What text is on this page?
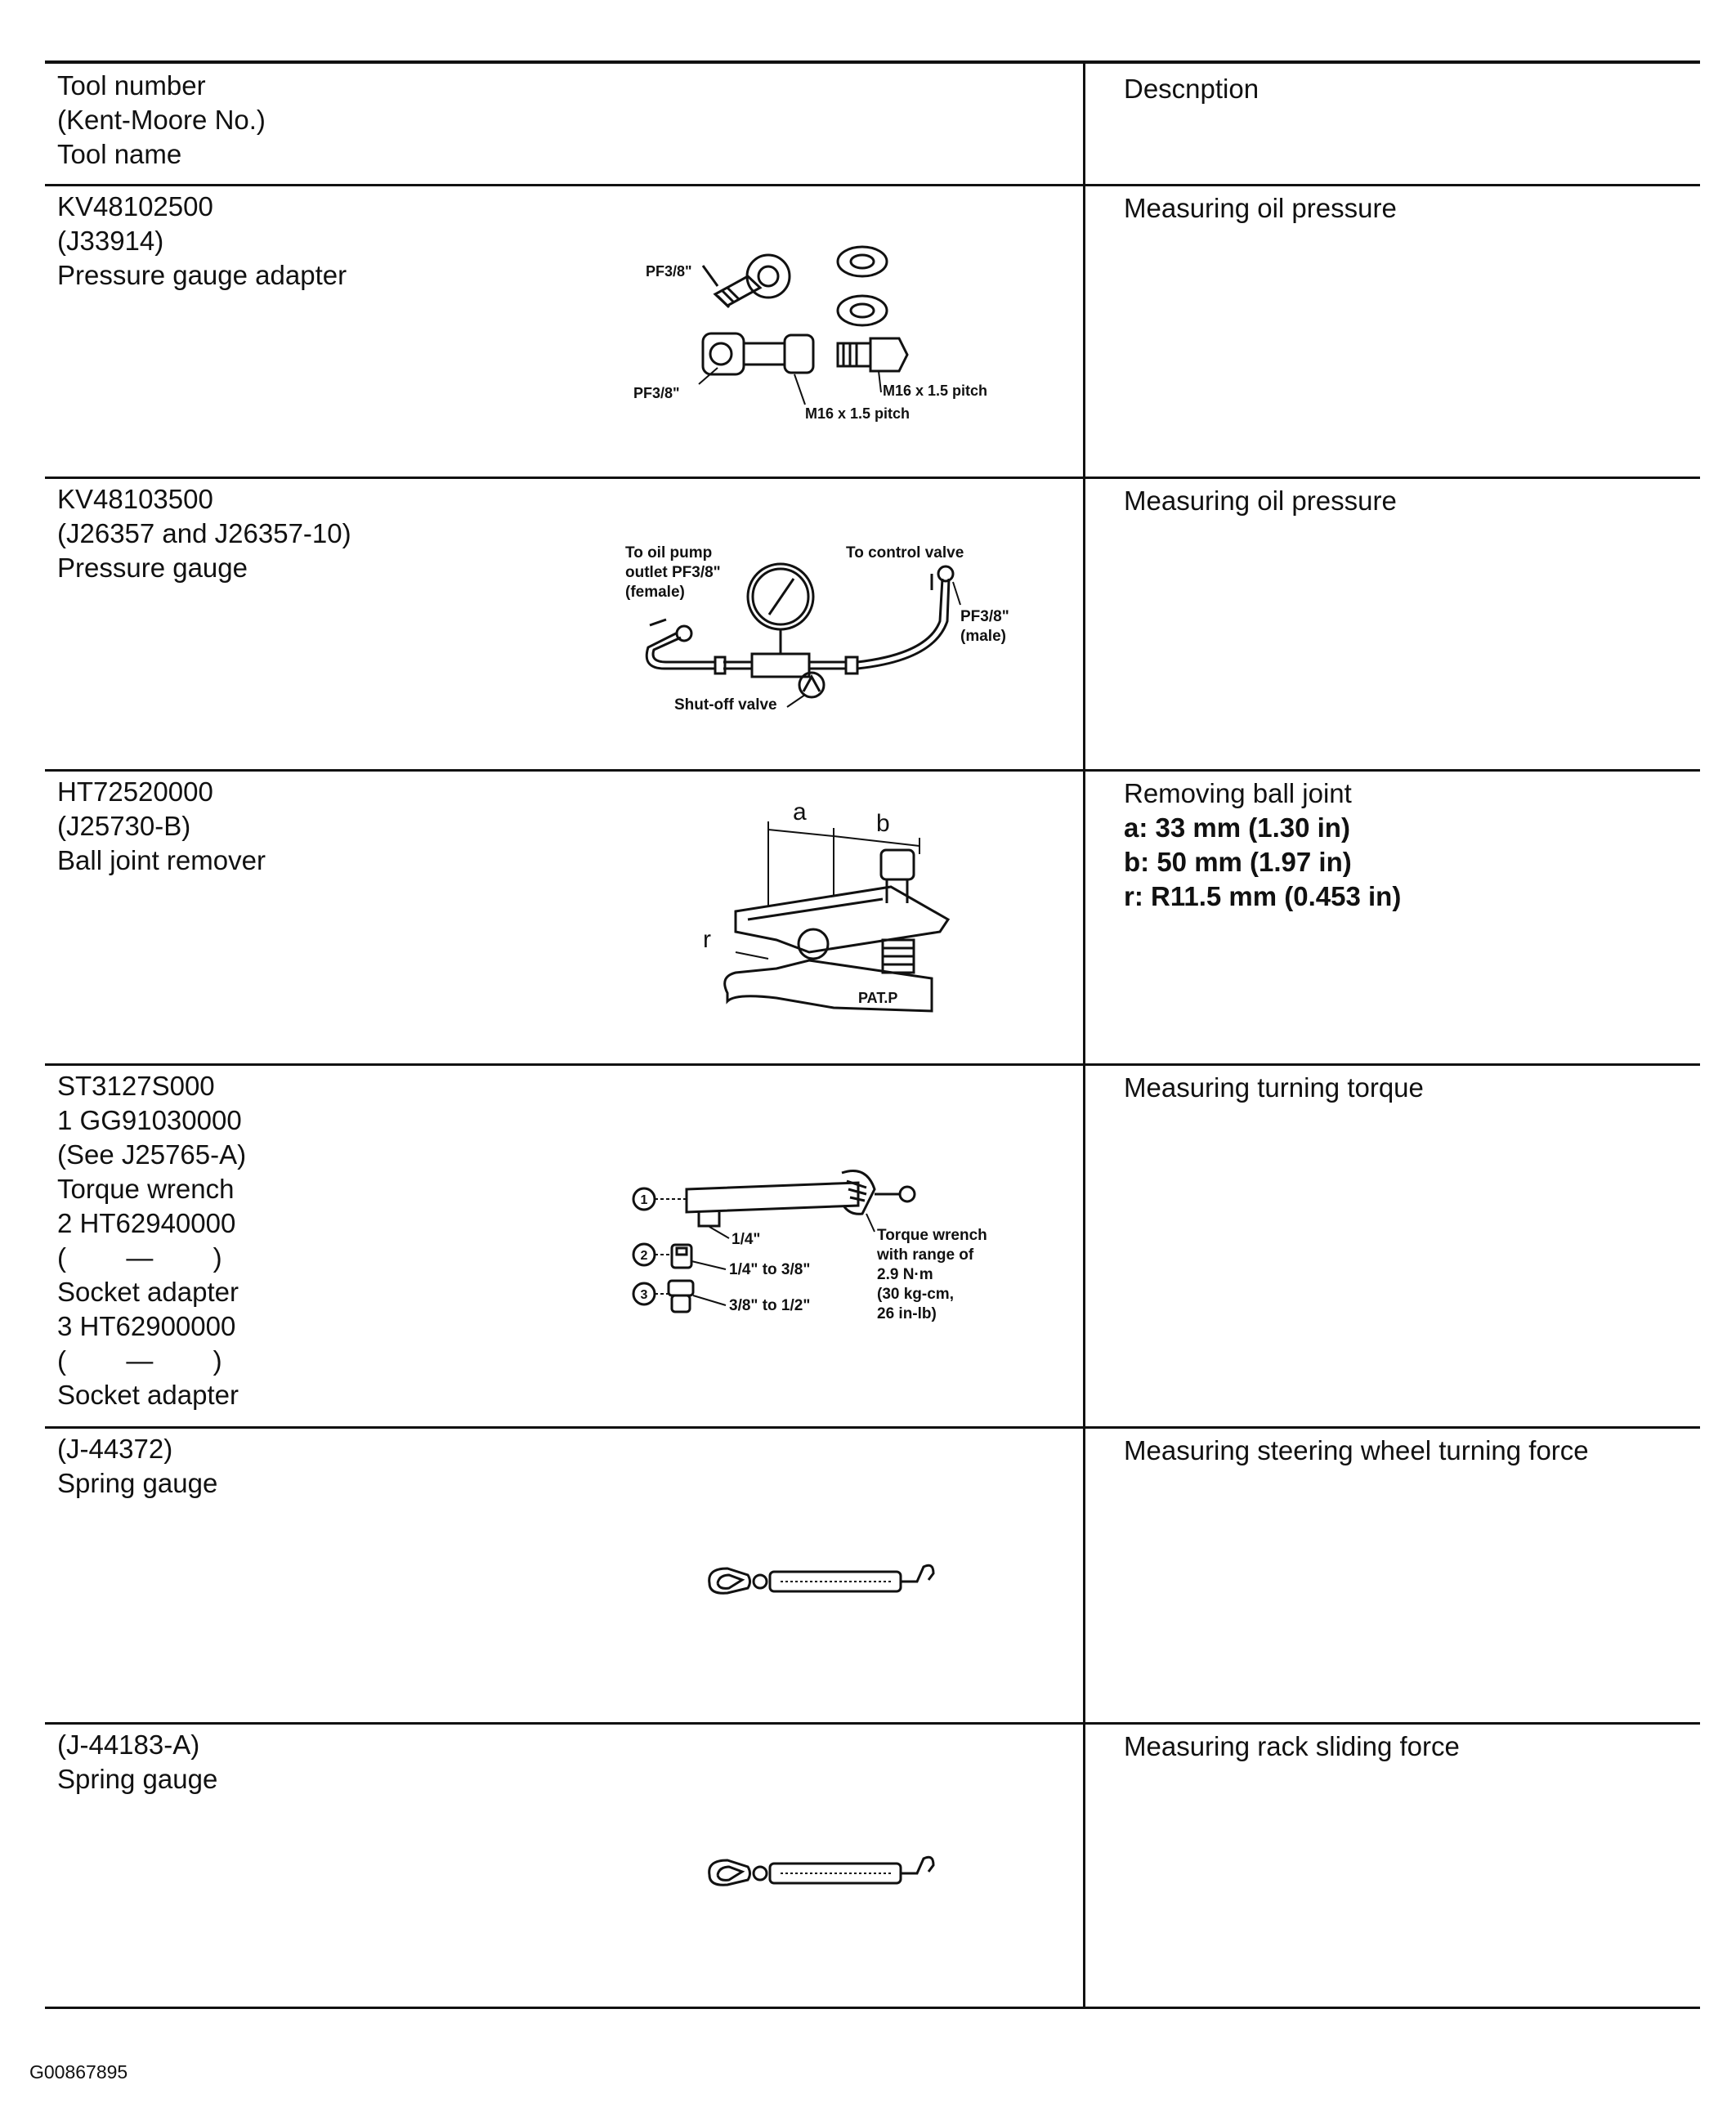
Tool number
(Kent-Moore No.)
Tool name
Descnption
KV48102500
(J33914)
Pressure gauge adapter
Measuring oil pressure
PF3/8"
PF3/8"	M16 x 1.5 pitch
M16 x 1.5 pitch
KV48103500
(J26357 and J26357-10)
Pressure gauge
Measuring oil pressure
To oil pump
outlet PF3/8"
(female)
To control valve
PF3/8"
(male)
Shut-off valve
HT72520000
(J25730-B)
Ball joint remover
Removing ball joint
a: 33 mm (1.30 in)
b: 50 mm (1.97 in)
r: R11.5 mm (0.453 in)
a	b
r
PAT.P
ST3127S000
1 GG91030000
(See J25765-A)
Torque wrench
2 HT62940000
(        —        )
Socket adapter
3 HT62900000
(        —        )
Socket adapter
Measuring turning torque
1
2
3
1/4"
1/4" to 3/8"
3/8" to 1/2"
Torque wrench
with range of
2.9 N·m
(30 kg-cm,
26 in-lb)
(J-44372)
Spring gauge
Measuring steering wheel turning force
(J-44183-A)
Spring gauge
Measuring rack sliding force
G00867895
